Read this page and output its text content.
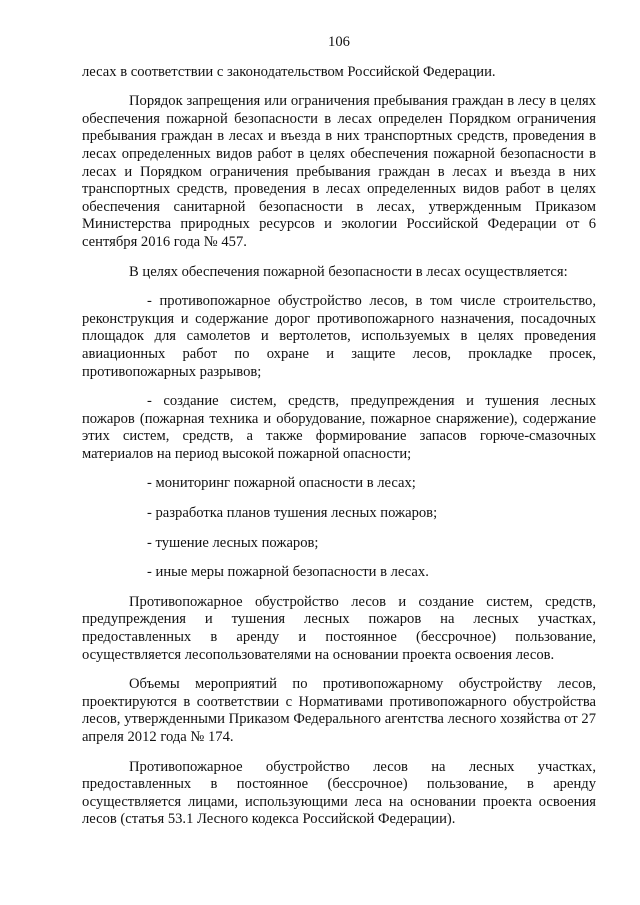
106

лесах в соответствии с законодательством Российской Федерации.

Порядок запрещения или ограничения пребывания граждан в лесу в целях обеспечения пожарной безопасности в лесах определен Порядком ограничения пребывания граждан в лесах и въезда в них транспортных средств, проведения в лесах определенных видов работ в целях обеспечения пожарной безопасности в лесах и Порядком ограничения пребывания граждан в лесах и въезда в них транспортных средств, проведения в лесах определенных видов работ в целях обеспечения санитарной безопасности в лесах, утвержденным Приказом Министерства природных ресурсов и экологии Российской Федерации от 6 сентября 2016 года № 457.

В целях обеспечения пожарной безопасности в лесах осуществляется:

- противопожарное обустройство лесов, в том числе строительство, реконструкция и содержание дорог противопожарного назначения, посадочных площадок для самолетов и вертолетов, используемых в целях проведения авиационных работ по охране и защите лесов, прокладке просек, противопожарных разрывов;

- создание систем, средств, предупреждения и тушения лесных пожаров (пожарная техника и оборудование, пожарное снаряжение), содержание этих систем, средств, а также формирование запасов горюче-смазочных материалов на период высокой пожарной опасности;

- мониторинг пожарной опасности в лесах;

- разработка планов тушения лесных пожаров;

- тушение лесных пожаров;

- иные меры пожарной безопасности в лесах.

Противопожарное обустройство лесов и создание систем, средств, предупреждения и тушения лесных пожаров на лесных участках, предоставленных в аренду и постоянное (бессрочное) пользование, осуществляется лесопользователями на основании проекта освоения лесов.

Объемы мероприятий по противопожарному обустройству лесов, проектируются в соответствии с Нормативами противопожарного обустройства лесов, утвержденными Приказом Федерального агентства лесного хозяйства от 27 апреля 2012 года № 174.

Противопожарное обустройство лесов на лесных участках, предоставленных в постоянное (бессрочное) пользование, в аренду осуществляется лицами, использующими леса на основании проекта освоения лесов (статья 53.1 Лесного кодекса Российской Федерации).
